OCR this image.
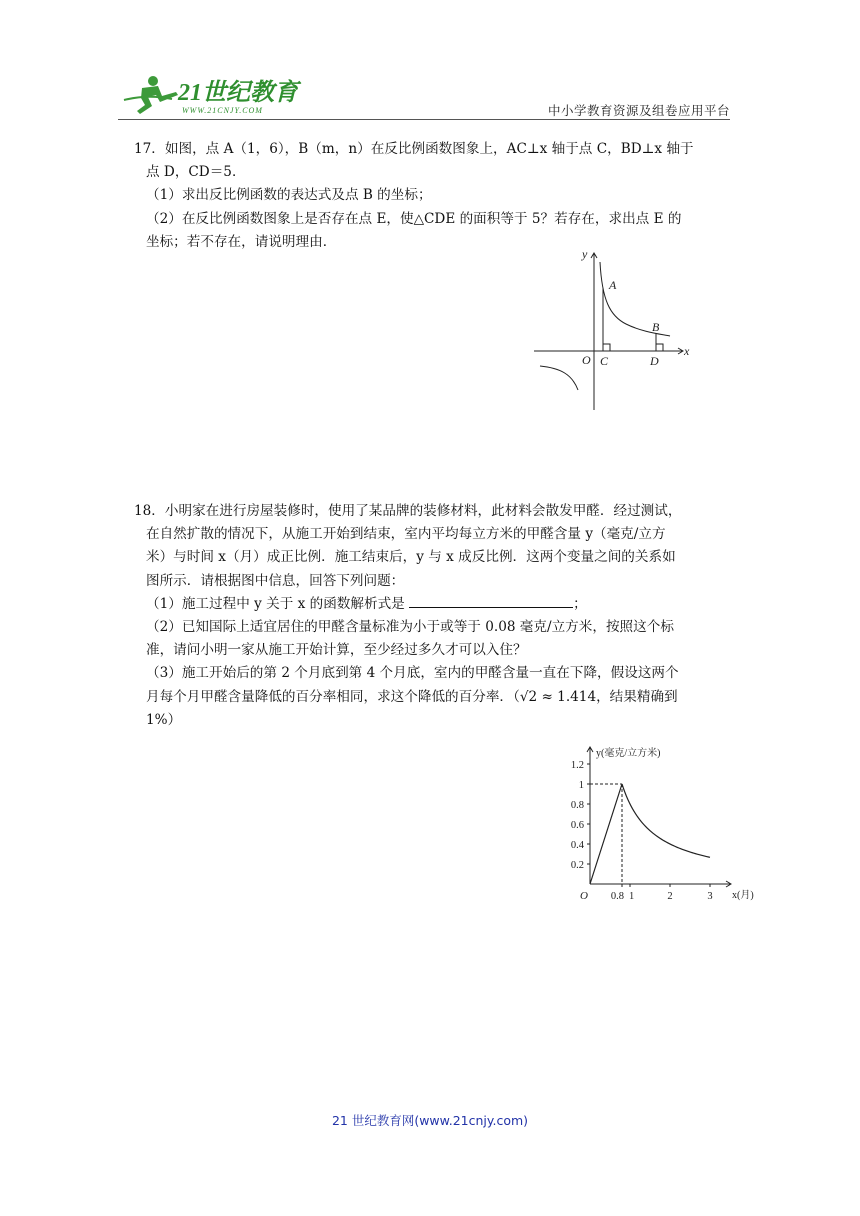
21世纪教育
WWW.21CNJY.COM	中小学教育资源及组卷应用平台

17．如图，点 A（1，6），B（m，n）在反比例函数图象上，AC⊥x 轴于点 C，BD⊥x 轴于

点 D，CD＝5．

（1）求出反比例函数的表达式及点 B 的坐标；

（2）在反比例函数图象上是否存在点 E，使△CDE 的面积等于 5？若存在，求出点 E 的

坐标；若不存在，请说明理由．

y
x
O
A
B
C	D

18．小明家在进行房屋装修时，使用了某品牌的装修材料，此材料会散发甲醛．经过测试，

在自然扩散的情况下，从施工开始到结束，室内平均每立方米的甲醛含量 y（毫克/立方

米）与时间 x（月）成正比例．施工结束后，y 与 x 成反比例．这两个变量之间的关系如

图所示．请根据图中信息，回答下列问题：

（1）施工过程中 y 关于 x 的函数解析式是	；

（2）已知国际上适宜居住的甲醛含量标准为小于或等于 0.08 毫克/立方米，按照这个标

准，请问小明一家从施工开始计算，至少经过多久才可以入住？

（3）施工开始后的第 2 个月底到第 4 个月底，室内的甲醛含量一直在下降，假设这两个

月每个月甲醛含量降低的百分率相同，求这个降低的百分率．（√2 ≈ 1.414，结果精确到

1%）

1.2
1
0.8
0.6
0.4
0.2
0.8 1	2	3
y(毫克/立方米)
x(月)
O
21 世纪教育网(www.21cnjy.com)
